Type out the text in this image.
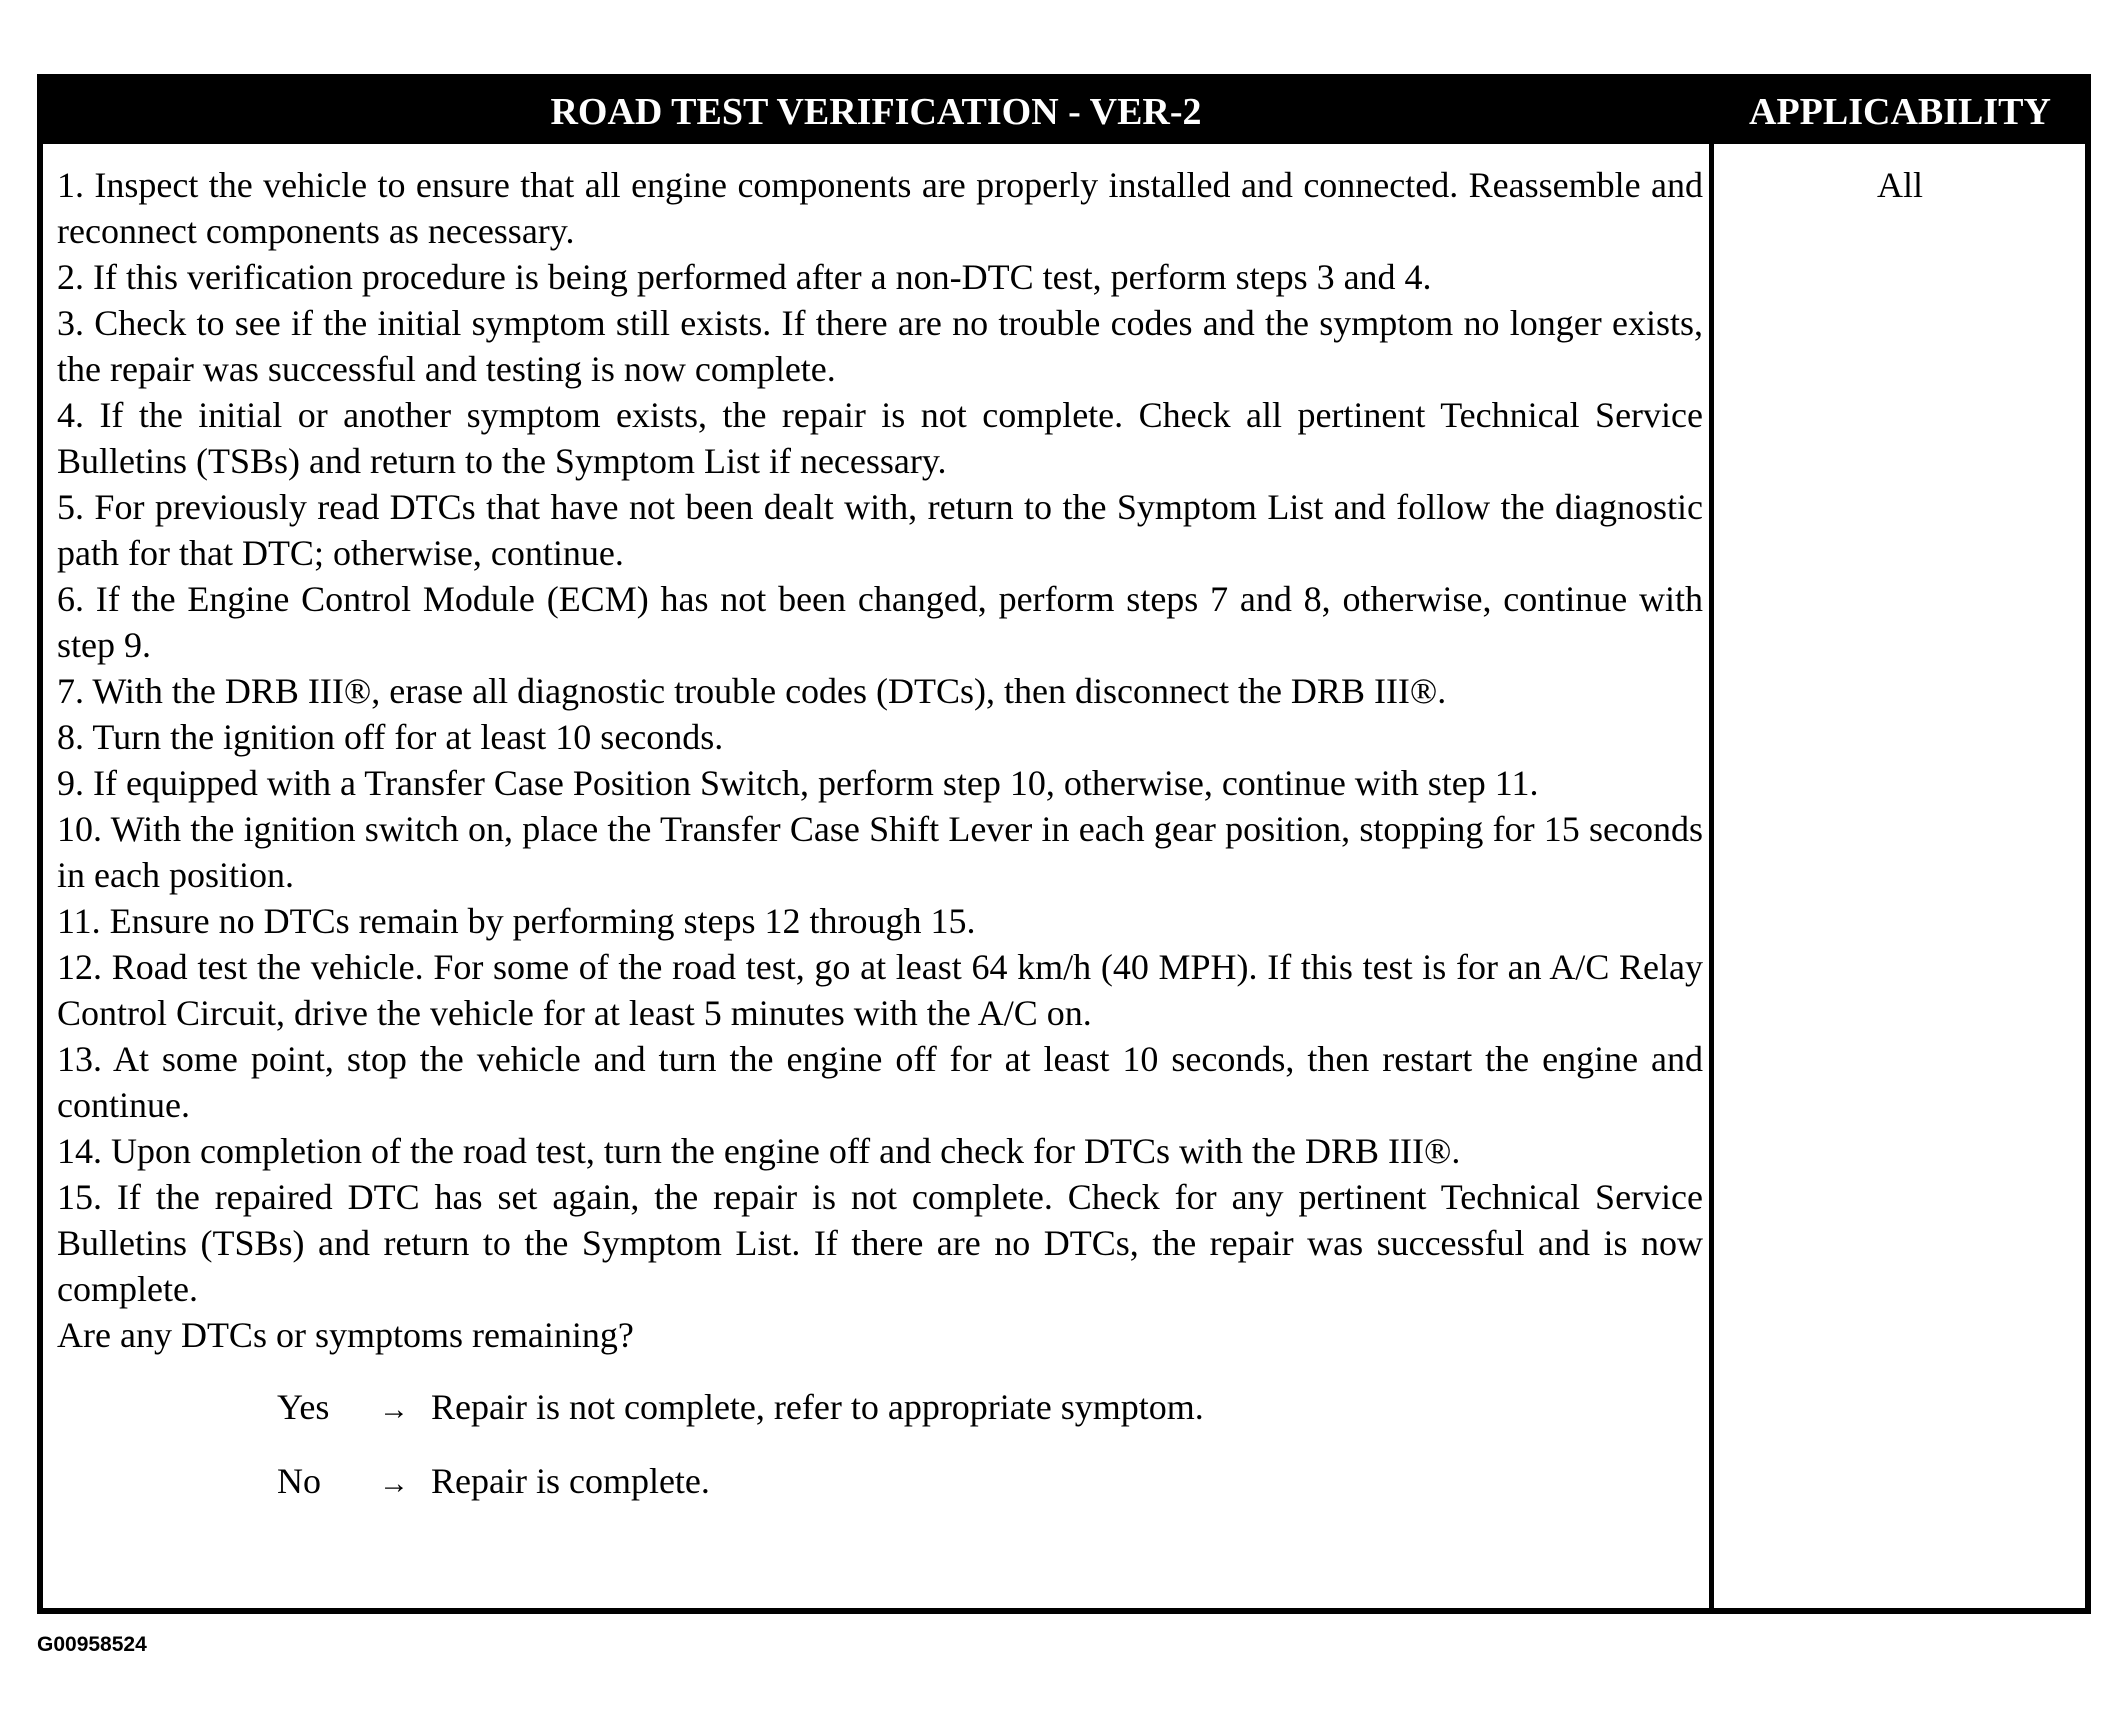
ROAD TEST VERIFICATION - VER-2	APPLICABILITY

1. Inspect the vehicle to ensure that all engine components are properly installed and connected. Reassemble and reconnect components as necessary.

2. If this verification procedure is being performed after a non-DTC test, perform steps 3 and 4.

3. Check to see if the initial symptom still exists. If there are no trouble codes and the symptom no longer exists, the repair was successful and testing is now complete.

4. If the initial or another symptom exists, the repair is not complete. Check all pertinent Technical Service Bulletins (TSBs) and return to the Symptom List if necessary.

5. For previously read DTCs that have not been dealt with, return to the Symptom List and follow the diagnostic path for that DTC; otherwise, continue.

6. If the Engine Control Module (ECM) has not been changed, perform steps 7 and 8, otherwise, continue with step 9.

7. With the DRB III®, erase all diagnostic trouble codes (DTCs), then disconnect the DRB III®.

8. Turn the ignition off for at least 10 seconds.

9. If equipped with a Transfer Case Position Switch, perform step 10, otherwise, continue with step 11.

10. With the ignition switch on, place the Transfer Case Shift Lever in each gear position, stopping for 15 seconds in each position.

11. Ensure no DTCs remain by performing steps 12 through 15.

12. Road test the vehicle. For some of the road test, go at least 64 km/h (40 MPH). If this test is for an A/C Relay Control Circuit, drive the vehicle for at least 5 minutes with the A/C on.

13. At some point, stop the vehicle and turn the engine off for at least 10 seconds, then restart the engine and continue.

14. Upon completion of the road test, turn the engine off and check for DTCs with the DRB III®.

15. If the repaired DTC has set again, the repair is not complete. Check for any pertinent Technical Service Bulletins (TSBs) and return to the Symptom List. If there are no DTCs, the repair was successful and is now complete.

Are any DTCs or symptoms remaining?

Yes → Repair is not complete, refer to appropriate symptom.
No → Repair is complete.
All
G00958524
